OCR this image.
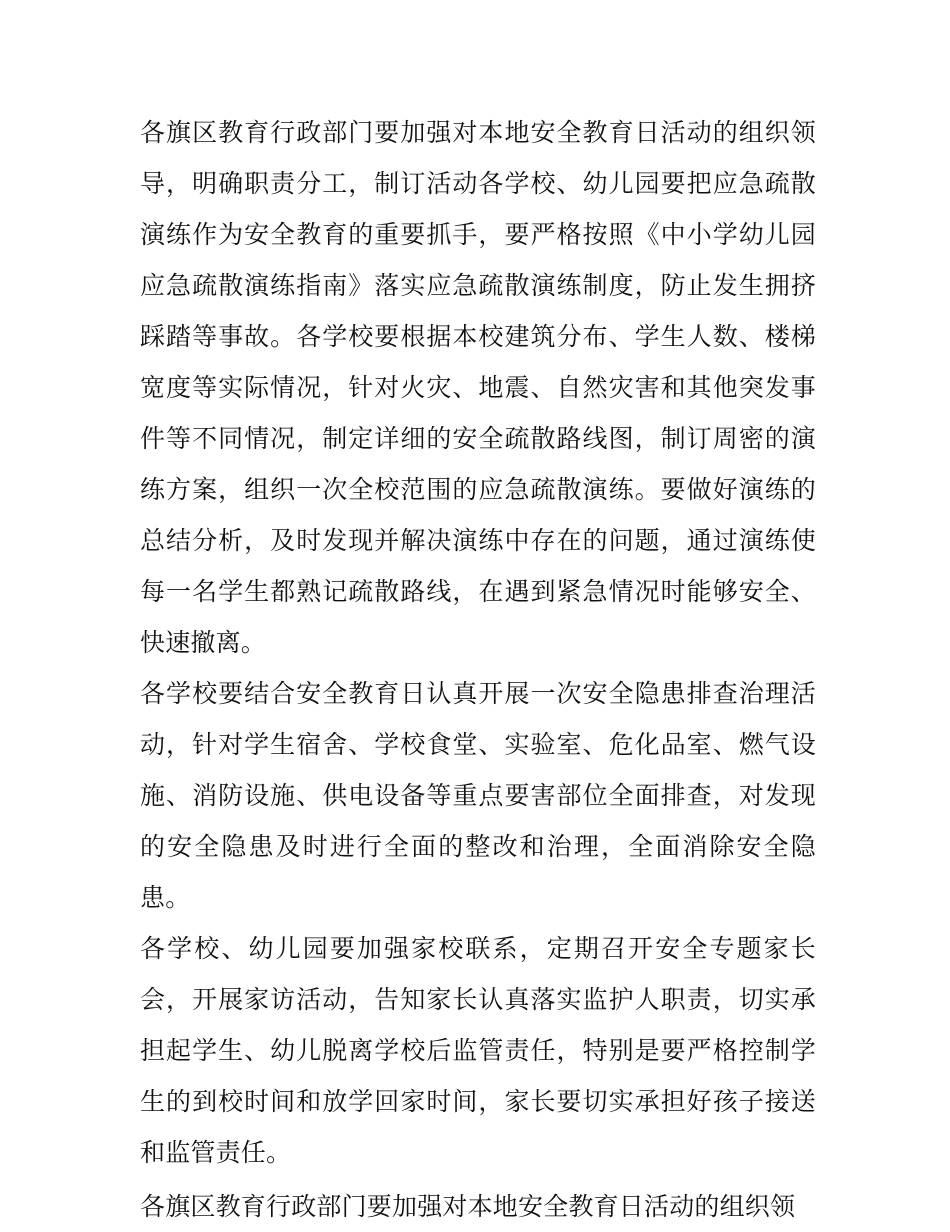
各旗区教育行政部门要加强对本地安全教育日活动的组织领导，明确职责分工，制订活动各学校、幼儿园要把应急疏散演练作为安全教育的重要抓手，要严格按照《中小学幼儿园应急疏散演练指南》落实应急疏散演练制度，防止发生拥挤踩踏等事故。各学校要根据本校建筑分布、学生人数、楼梯宽度等实际情况，针对火灾、地震、自然灾害和其他突发事件等不同情况，制定详细的安全疏散路线图，制订周密的演练方案，组织一次全校范围的应急疏散演练。要做好演练的总结分析，及时发现并解决演练中存在的问题，通过演练使每一名学生都熟记疏散路线，在遇到紧急情况时能够安全、快速撤离。

各学校要结合安全教育日认真开展一次安全隐患排查治理活动，针对学生宿舍、学校食堂、实验室、危化品室、燃气设施、消防设施、供电设备等重点要害部位全面排查，对发现的安全隐患及时进行全面的整改和治理，全面消除安全隐患。

各学校、幼儿园要加强家校联系，定期召开安全专题家长会，开展家访活动，告知家长认真落实监护人职责，切实承担起学生、幼儿脱离学校后监管责任，特别是要严格控制学生的到校时间和放学回家时间，家长要切实承担好孩子接送和监管责任。

各旗区教育行政部门要加强对本地安全教育日活动的组织领
